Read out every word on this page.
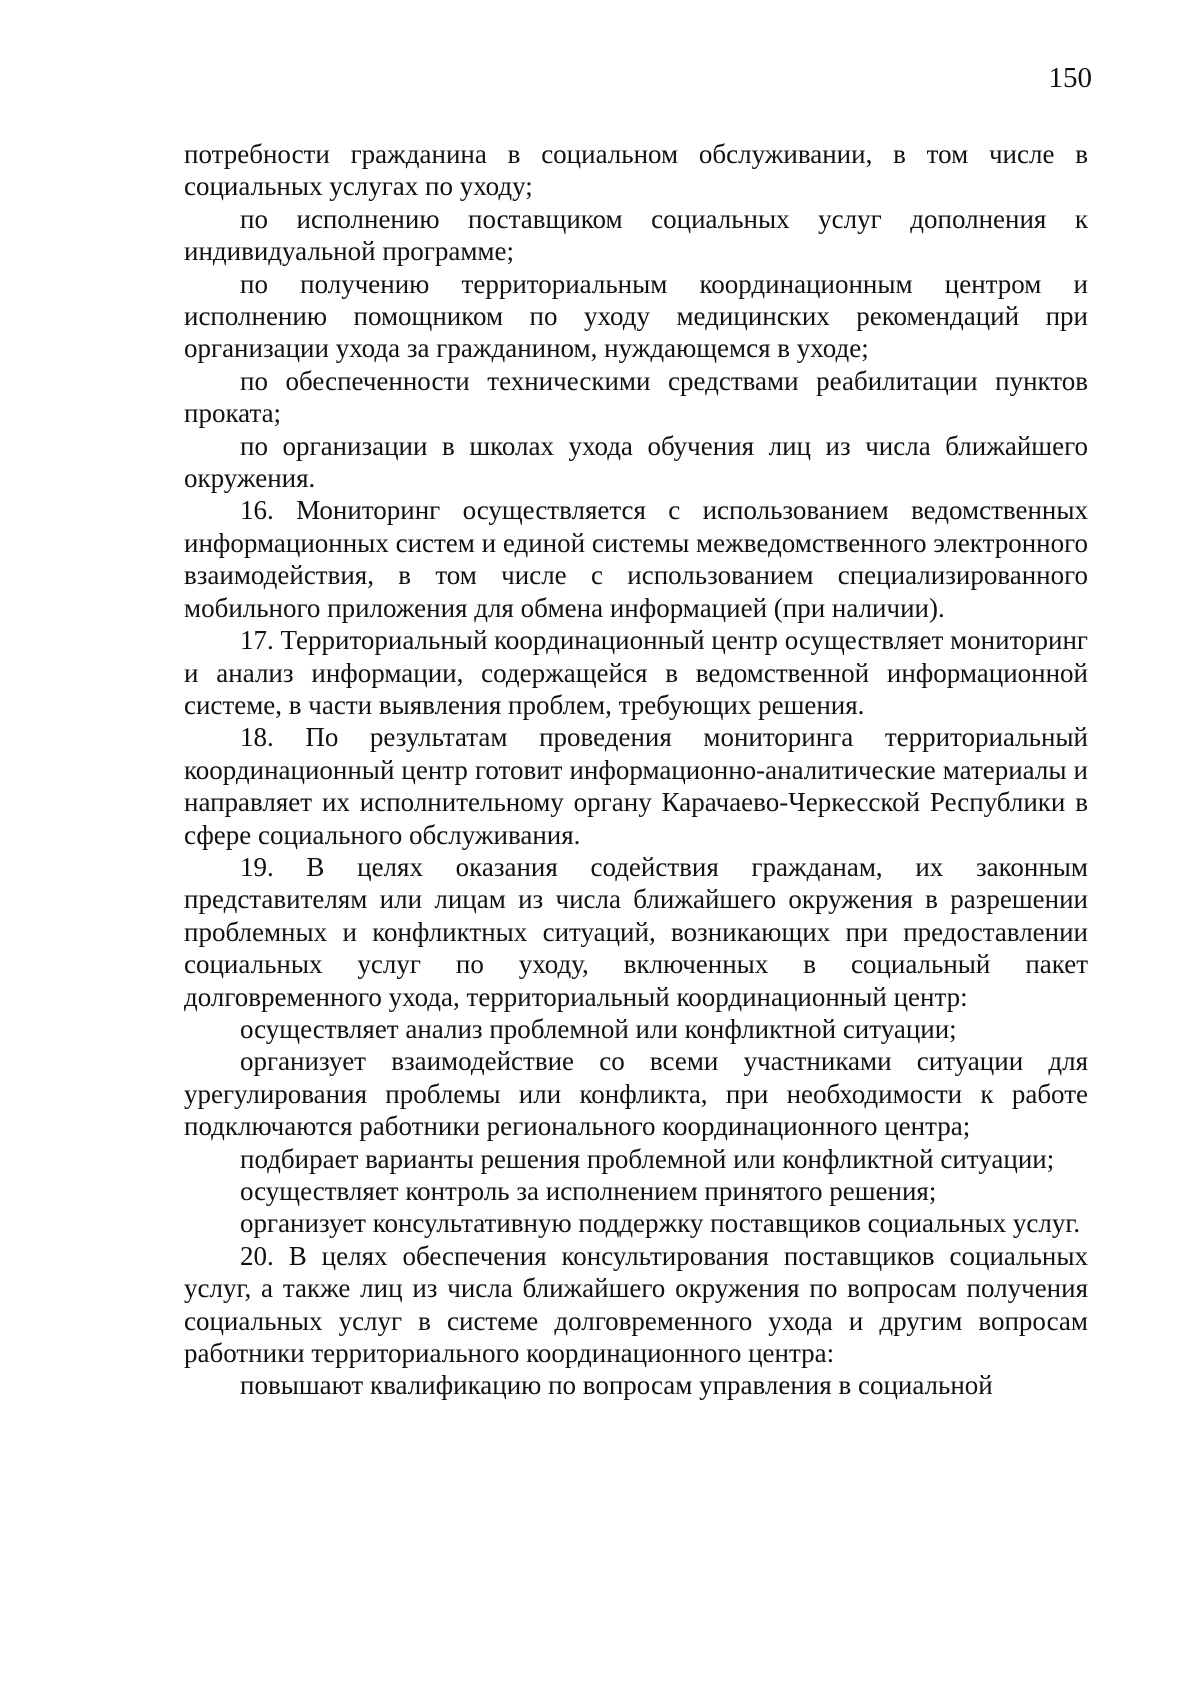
150

потребности гражданина в социальном обслуживании, в том числе в социальных услугах по уходу;

по исполнению поставщиком социальных услуг дополнения к индивидуальной программе;

по получению территориальным координационным центром и исполнению помощником по уходу медицинских рекомендаций при организации ухода за гражданином, нуждающемся в уходе;

по обеспеченности техническими средствами реабилитации пунктов проката;

по организации в школах ухода обучения лиц из числа ближайшего окружения.

16. Мониторинг осуществляется с использованием ведомственных информационных систем и единой системы межведомственного электронного взаимодействия, в том числе с использованием специализированного мобильного приложения для обмена информацией (при наличии).

17. Территориальный координационный центр осуществляет мониторинг и анализ информации, содержащейся в ведомственной информационной системе, в части выявления проблем, требующих решения.

18. По результатам проведения мониторинга территориальный координационный центр готовит информационно-аналитические материалы и направляет их исполнительному органу Карачаево-Черкесской Республики в сфере социального обслуживания.

19. В целях оказания содействия гражданам, их законным представителям или лицам из числа ближайшего окружения в разрешении проблемных и конфликтных ситуаций, возникающих при предоставлении социальных услуг по уходу, включенных в социальный пакет долговременного ухода, территориальный координационный центр:

осуществляет анализ проблемной или конфликтной ситуации;

организует взаимодействие со всеми участниками ситуации для урегулирования проблемы или конфликта, при необходимости к работе подключаются работники регионального координационного центра;

подбирает варианты решения проблемной или конфликтной ситуации;

осуществляет контроль за исполнением принятого решения;

организует консультативную поддержку поставщиков социальных услуг.

20. В целях обеспечения консультирования поставщиков социальных услуг, а также лиц из числа ближайшего окружения по вопросам получения социальных услуг в системе долговременного ухода и другим вопросам работники территориального координационного центра:

повышают квалификацию по вопросам управления в социальной
